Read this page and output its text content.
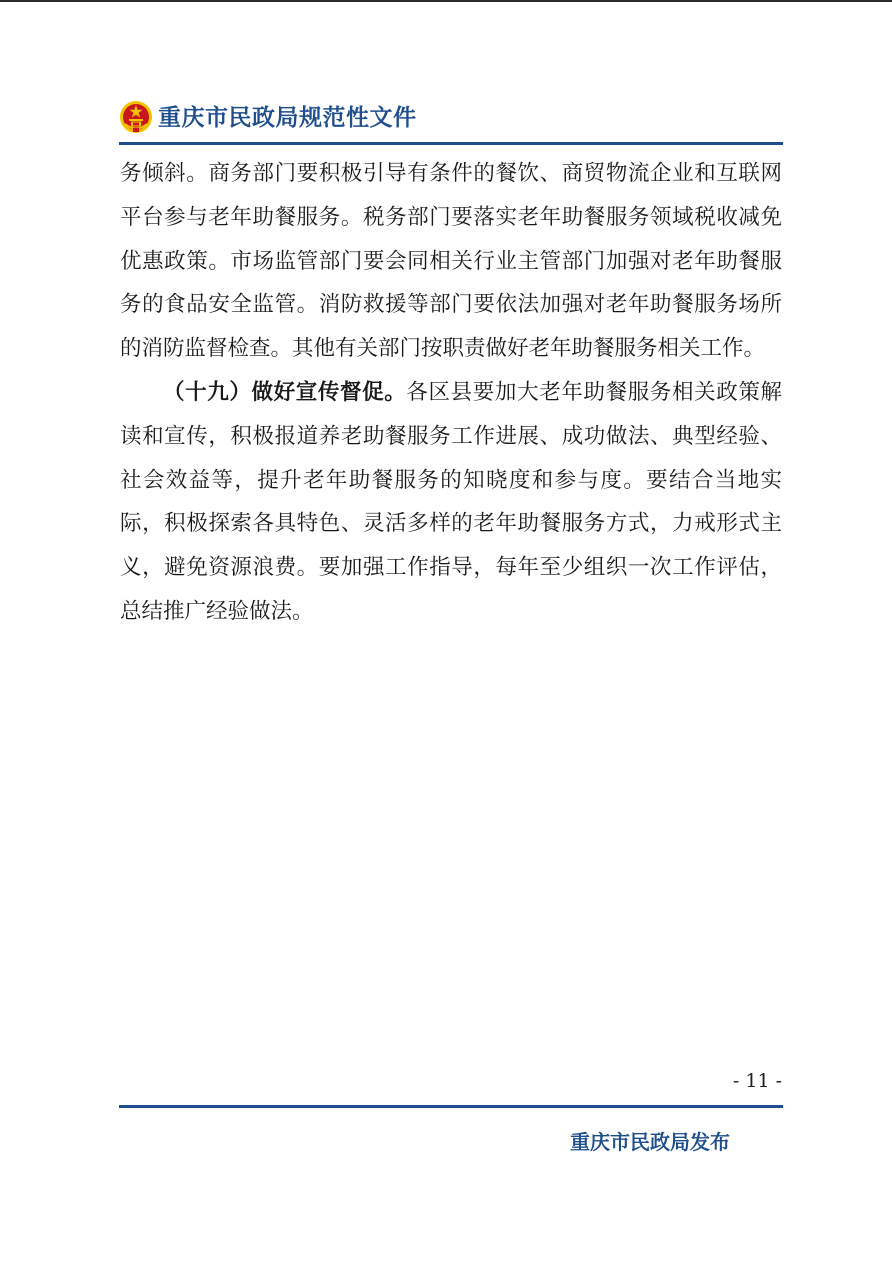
重庆市民政局规范性文件

务倾斜。商务部门要积极引导有条件的餐饮、商贸物流企业和互联网平台参与老年助餐服务。税务部门要落实老年助餐服务领域税收减免优惠政策。市场监管部门要会同相关行业主管部门加强对老年助餐服务的食品安全监管。消防救援等部门要依法加强对老年助餐服务场所的消防监督检查。其他有关部门按职责做好老年助餐服务相关工作。

（十九）做好宣传督促。各区县要加大老年助餐服务相关政策解读和宣传，积极报道养老助餐服务工作进展、成功做法、典型经验、社会效益等，提升老年助餐服务的知晓度和参与度。要结合当地实际，积极探索各具特色、灵活多样的老年助餐服务方式，力戒形式主义，避免资源浪费。要加强工作指导，每年至少组织一次工作评估，总结推广经验做法。

- 11 -
重庆市民政局发布
